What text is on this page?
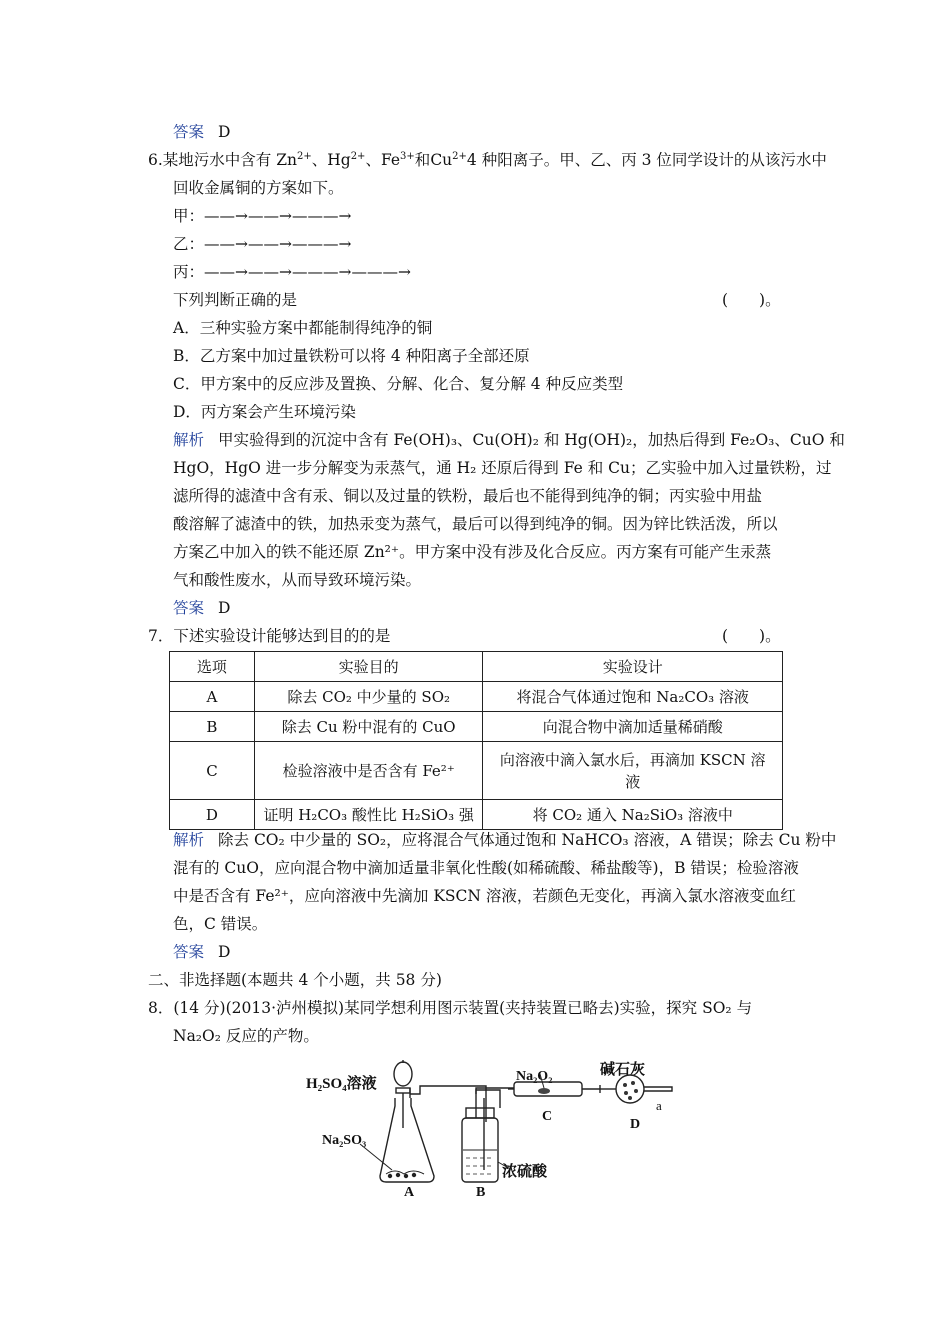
答案 D
6.某地污水中含有 $Zn^{2+}$、$Hg^{2+}$、$Fe^{3+}$和$Cu^{2+}4$ 种阳离子。甲、乙、丙 3 位同学设计的从该污水中
回收金属铜的方案如下。
甲：——→——→———→
乙：——→——→———→
丙：——→——→———→———→
下列判断正确的是	(　　)。
A．三种实验方案中都能制得纯净的铜
B．乙方案中加过量铁粉可以将 4 种阳离子全部还原
C．甲方案中的反应涉及置换、分解、化合、复分解 4 种反应类型
D．丙方案会产生环境污染
解析 甲实验得到的沉淀中含有 Fe(OH)₃、Cu(OH)₂ 和 Hg(OH)₂，加热后得到 Fe₂O₃、CuO 和
HgO，HgO 进一步分解变为汞蒸气，通 H₂ 还原后得到 Fe 和 Cu；乙实验中加入过量铁粉，过
滤所得的滤渣中含有汞、铜以及过量的铁粉，最后也不能得到纯净的铜；丙实验中用盐
酸溶解了滤渣中的铁，加热汞变为蒸气，最后可以得到纯净的铜。因为锌比铁活泼，所以
方案乙中加入的铁不能还原 Zn²⁺。甲方案中没有涉及化合反应。丙方案有可能产生汞蒸
气和酸性废水，从而导致环境污染。
答案 D
7．下述实验设计能够达到目的的是	(　　)。
选项	实验目的	实验设计
A	除去 CO₂ 中少量的 SO₂	将混合气体通过饱和 Na₂CO₃ 溶液
B	除去 Cu 粉中混有的 CuO	向混合物中滴加适量稀硝酸
C	检验溶液中是否含有 Fe²⁺	向溶液中滴入氯水后，再滴加 KSCN 溶液
D	证明 H₂CO₃ 酸性比 H₂SiO₃ 强	将 CO₂ 通入 Na₂SiO₃ 溶液中
解析 除去 CO₂ 中少量的 SO₂，应将混合气体通过饱和 NaHCO₃ 溶液，A 错误；除去 Cu 粉中
混有的 CuO，应向混合物中滴加适量非氧化性酸(如稀硫酸、稀盐酸等)，B 错误；检验溶液
中是否含有 Fe²⁺，应向溶液中先滴加 KSCN 溶液，若颜色无变化，再滴入氯水溶液变血红
色，C 错误。
答案 D
二、非选择题(本题共 4 个小题，共 58 分)
8．(14 分)(2013·泸州模拟)某同学想利用图示装置(夹持装置已略去)实验，探究 SO₂ 与
Na₂O₂ 反应的产物。
H₂SO₄溶液
Na₂SO₃
Na₂O₂	碱石灰
浓硫酸
A	B
C
D
a
